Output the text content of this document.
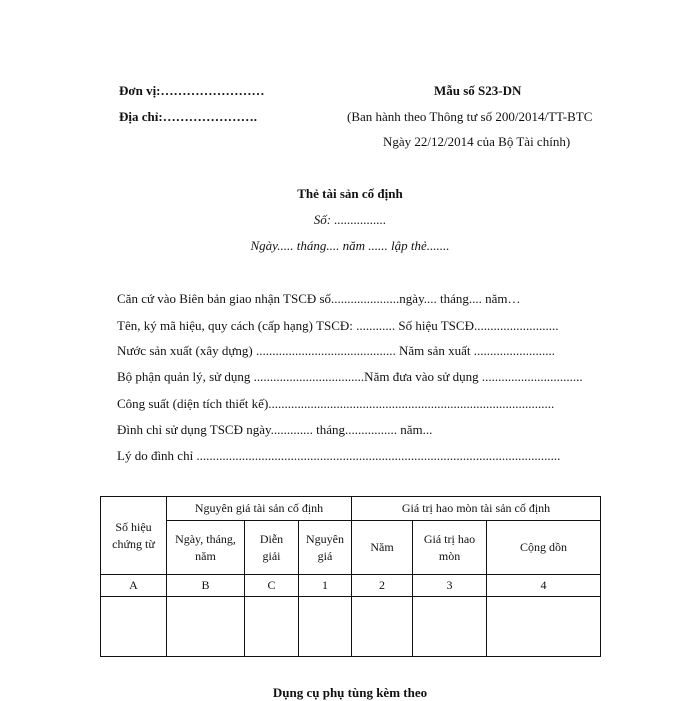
Đơn vị:……………………
Địa chỉ:………………….
Mẫu số S23-DN
(Ban hành theo Thông tư số 200/2014/TT-BTC
Ngày 22/12/2014 của Bộ Tài chính)
Thẻ tài sản cố định
Số: ................
Ngày..... tháng.... năm ...... lập thẻ.......
Căn cứ vào Biên bản giao nhận TSCĐ số.....................ngày.... tháng.... năm…
Tên, ký mã hiệu, quy cách (cấp hạng) TSCĐ: ............ Số hiệu TSCĐ..........................
Nước sản xuất (xây dựng) ........................................... Năm sản xuất .........................
Bộ phận quản lý, sử dụng ..................................Năm đưa vào sử dụng ...............................
Công suất (diện tích thiết kế)........................................................................................
Đình chỉ sử dụng TSCĐ ngày............. tháng................ năm...
Lý do đình chỉ ................................................................................................................
Số hiệu chứng từ	Nguyên giá tài sản cố định			Giá trị hao mòn tài sản cố định		
	Ngày, tháng, năm	Diễn giải	Nguyên giá	Năm	Giá trị hao mòn	Cộng dồn
A	B	C	1	2	3	4

Dụng cụ phụ tùng kèm theo
